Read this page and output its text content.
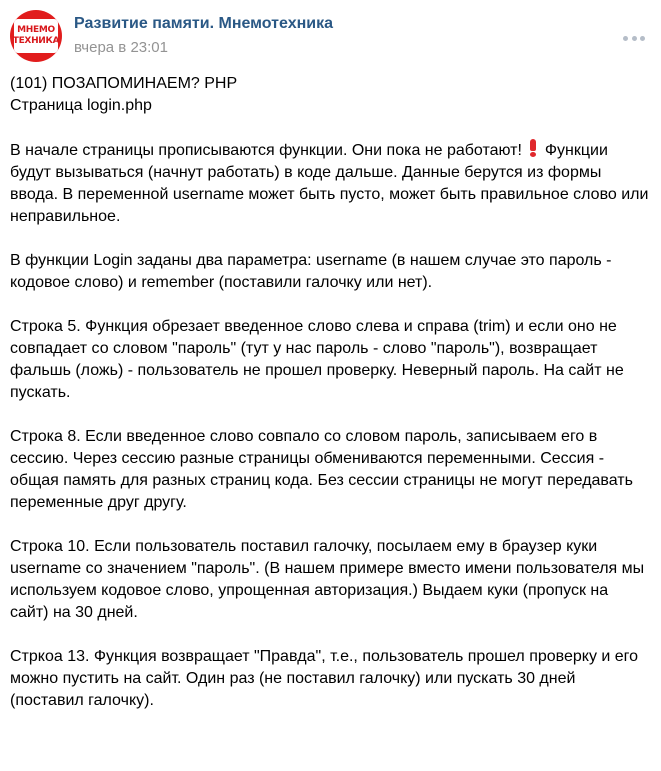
МНЕМО
ТЕХНИКА
Развитие памяти. Мнемотехника
вчера в 23:01

(101) ПОЗАПОМИНАЕМ? PHP

Страница login.php

В начале страницы прописываются функции. Они пока не работают! Функции будут вызываться (начнут работать) в коде дальше. Данные берутся из формы ввода. В переменной username может быть пусто, может быть правильное слово или неправильное.

В функции Login заданы два параметра: username (в нашем случае это пароль - кодовое слово) и remember (поставили галочку или нет).

Строка 5. Функция обрезает введенное слово слева и справа (trim) и если оно не совпадает со словом "пароль" (тут у нас пароль - слово "пароль"), возвращает фальшь (ложь) - пользователь не прошел проверку. Неверный пароль. На сайт не пускать.

Строка 8. Если введенное слово совпало со словом пароль, записываем его в сессию. Через сессию разные страницы обмениваются переменными. Сессия - общая память для разных страниц кода. Без сессии страницы не могут передавать переменные друг другу.

Строка 10. Если пользователь поставил галочку, посылаем ему в браузер куки username со значением "пароль". (В нашем примере вместо имени пользователя мы используем кодовое слово, упрощенная авторизация.) Выдаем куки (пропуск на сайт) на 30 дней.

Стркоа 13. Функция возвращает "Правда", т.е., пользователь прошел проверку и его можно пустить на сайт. Один раз (не поставил галочку) или пускать 30 дней (поставил галочку).
